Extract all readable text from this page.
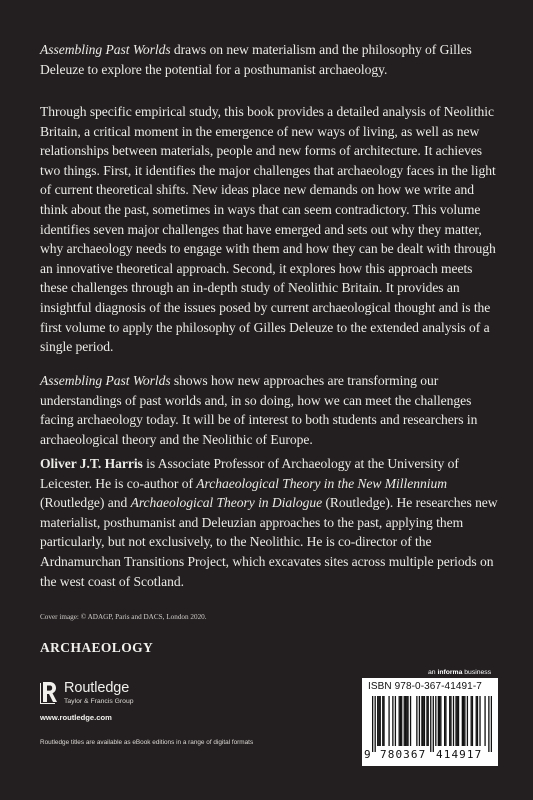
Assembling Past Worlds draws on new materialism and the philosophy of Gilles Deleuze to explore the potential for a posthumanist archaeology.

Through specific empirical study, this book provides a detailed analysis of Neolithic Britain, a critical moment in the emergence of new ways of living, as well as new relationships between materials, people and new forms of architecture. It achieves two things. First, it identifies the major challenges that archaeology faces in the light of current theoretical shifts. New ideas place new demands on how we write and think about the past, sometimes in ways that can seem contradictory. This volume identifies seven major challenges that have emerged and sets out why they matter, why archaeology needs to engage with them and how they can be dealt with through an innovative theoretical approach. Second, it explores how this approach meets these challenges through an in-depth study of Neolithic Britain. It provides an insightful diagnosis of the issues posed by current archaeological thought and is the first volume to apply the philosophy of Gilles Deleuze to the extended analysis of a single period.

Assembling Past Worlds shows how new approaches are transforming our understandings of past worlds and, in so doing, how we can meet the challenges facing archaeology today. It will be of interest to both students and researchers in archaeological theory and the Neolithic of Europe.

Oliver J.T. Harris is Associate Professor of Archaeology at the University of Leicester. He is co-author of Archaeological Theory in the New Millennium (Routledge) and Archaeological Theory in Dialogue (Routledge). He researches new materialist, posthumanist and Deleuzian approaches to the past, applying them particularly, but not exclusively, to the Neolithic. He is co-director of the Ardnamurchan Transitions Project, which excavates sites across multiple periods on the west coast of Scotland.

Cover image: © ADAGP, Paris and DACS, London 2020.
ARCHAEOLOGY
Routledge
Taylor & Francis Group
www.routledge.com
Routledge titles are available as eBook editions in a range of digital formats
an informa business
ISBN 978-0-367-41491-7
9 780367 414917
